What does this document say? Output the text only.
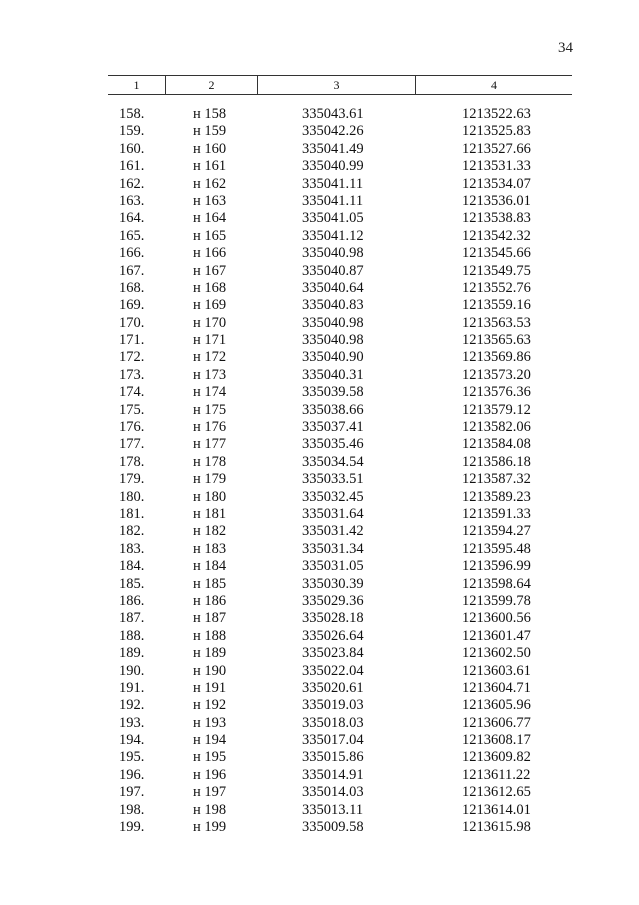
34
1	2	3	4
158.	н 158	335043.61	1213522.63
159.	н 159	335042.26	1213525.83
160.	н 160	335041.49	1213527.66
161.	н 161	335040.99	1213531.33
162.	н 162	335041.11	1213534.07
163.	н 163	335041.11	1213536.01
164.	н 164	335041.05	1213538.83
165.	н 165	335041.12	1213542.32
166.	н 166	335040.98	1213545.66
167.	н 167	335040.87	1213549.75
168.	н 168	335040.64	1213552.76
169.	н 169	335040.83	1213559.16
170.	н 170	335040.98	1213563.53
171.	н 171	335040.98	1213565.63
172.	н 172	335040.90	1213569.86
173.	н 173	335040.31	1213573.20
174.	н 174	335039.58	1213576.36
175.	н 175	335038.66	1213579.12
176.	н 176	335037.41	1213582.06
177.	н 177	335035.46	1213584.08
178.	н 178	335034.54	1213586.18
179.	н 179	335033.51	1213587.32
180.	н 180	335032.45	1213589.23
181.	н 181	335031.64	1213591.33
182.	н 182	335031.42	1213594.27
183.	н 183	335031.34	1213595.48
184.	н 184	335031.05	1213596.99
185.	н 185	335030.39	1213598.64
186.	н 186	335029.36	1213599.78
187.	н 187	335028.18	1213600.56
188.	н 188	335026.64	1213601.47
189.	н 189	335023.84	1213602.50
190.	н 190	335022.04	1213603.61
191.	н 191	335020.61	1213604.71
192.	н 192	335019.03	1213605.96
193.	н 193	335018.03	1213606.77
194.	н 194	335017.04	1213608.17
195.	н 195	335015.86	1213609.82
196.	н 196	335014.91	1213611.22
197.	н 197	335014.03	1213612.65
198.	н 198	335013.11	1213614.01
199.	н 199	335009.58	1213615.98
